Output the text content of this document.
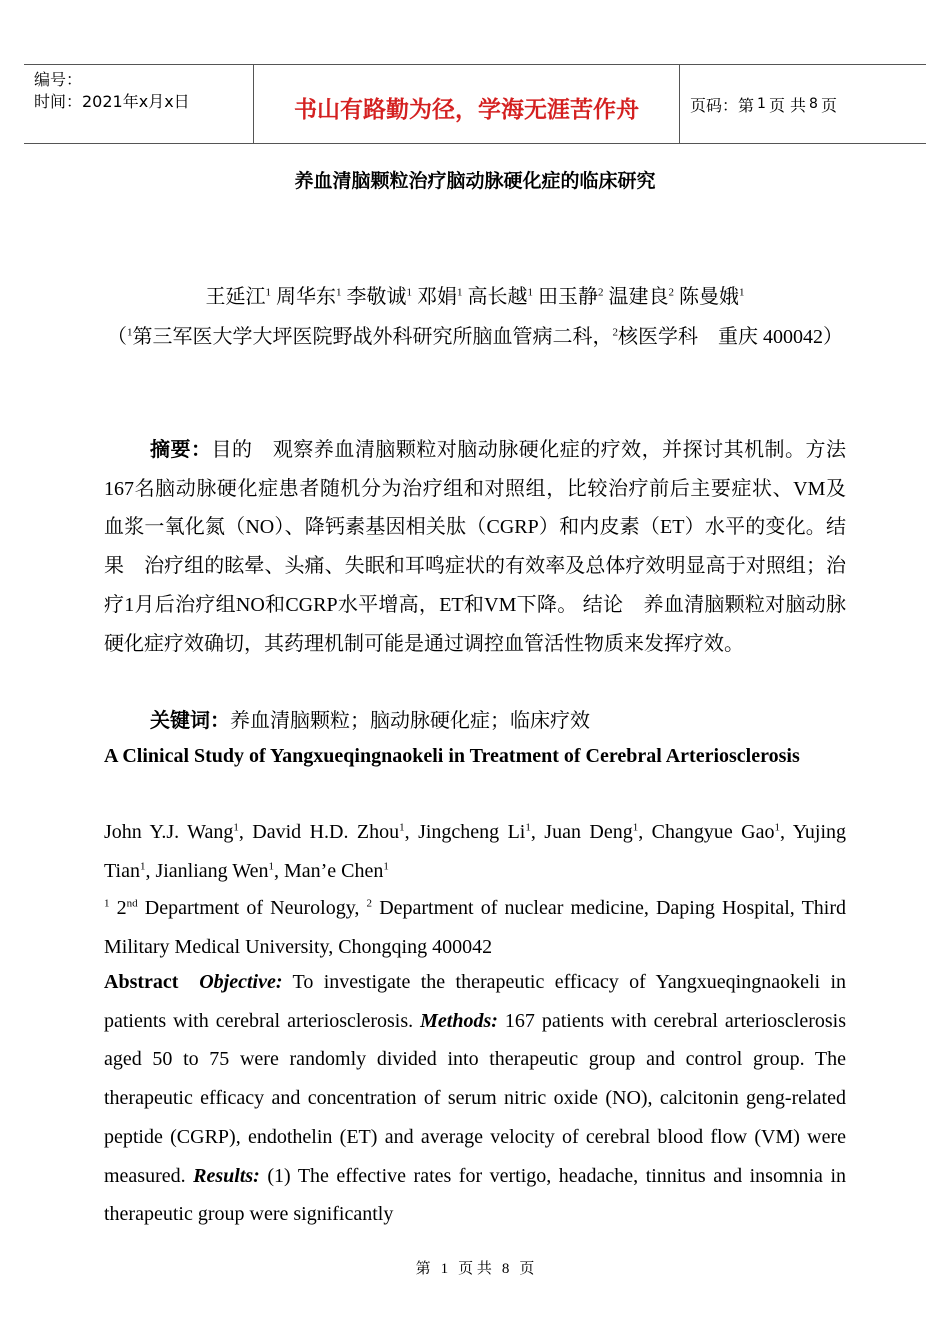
编号：
时间：2021年x月x日	书山有路勤为径，学海无涯苦作舟	页码：第 1 页 共 8 页
养血清脑颗粒治疗脑动脉硬化症的临床研究
王延江$^1$ 周华东$^1$ 李敬诚$^1$ 邓娟$^1$ 高长越$^1$ 田玉静$^2$ 温建良$^2$ 陈曼娥$^1$
（$^1$第三军医大学大坪医院野战外科研究所脑血管病二科，$^2$核医学科　重庆 400042）
摘要：目的　观察养血清脑颗粒对脑动脉硬化症的疗效，并探讨其机制。方法　167名脑动脉硬化症患者随机分为治疗组和对照组，比较治疗前后主要症状、VM及血浆一氧化氮（NO）、降钙素基因相关肽（CGRP）和内皮素（ET）水平的变化。结果　治疗组的眩晕、头痛、失眠和耳鸣症状的有效率及总体疗效明显高于对照组；治疗1月后治疗组NO和CGRP水平增高，ET和VM下降。 结论　养血清脑颗粒对脑动脉硬化症疗效确切，其药理机制可能是通过调控血管活性物质来发挥疗效。
关键词：养血清脑颗粒；脑动脉硬化症；临床疗效
A Clinical Study of Yangxueqingnaokeli in Treatment of Cerebral Arteriosclerosis
John Y.J. Wang$^1$, David H.D. Zhou$^1$, Jingcheng Li$^1$, Juan Deng$^1$, Changyue Gao$^1$, Yujing Tian$^1$, Jianliang Wen$^1$, Man’e Chen$^1$
$^1$ 2nd Department of Neurology, $^2$ Department of nuclear medicine, Daping Hospital, Third Military Medical University, Chongqing 400042
Abstract Objective: To investigate the therapeutic efficacy of Yangxueqingnaokeli in patients with cerebral arteriosclerosis. Methods: 167 patients with cerebral arteriosclerosis aged 50 to 75 were randomly divided into therapeutic group and control group. The therapeutic efficacy and concentration of serum nitric oxide (NO), calcitonin geng-related peptide (CGRP), endothelin (ET) and average velocity of cerebral blood flow (VM) were measured. Results: (1) The effective rates for vertigo, headache, tinnitus and insomnia in therapeutic group were significantly
第 1 页 共 8 页
